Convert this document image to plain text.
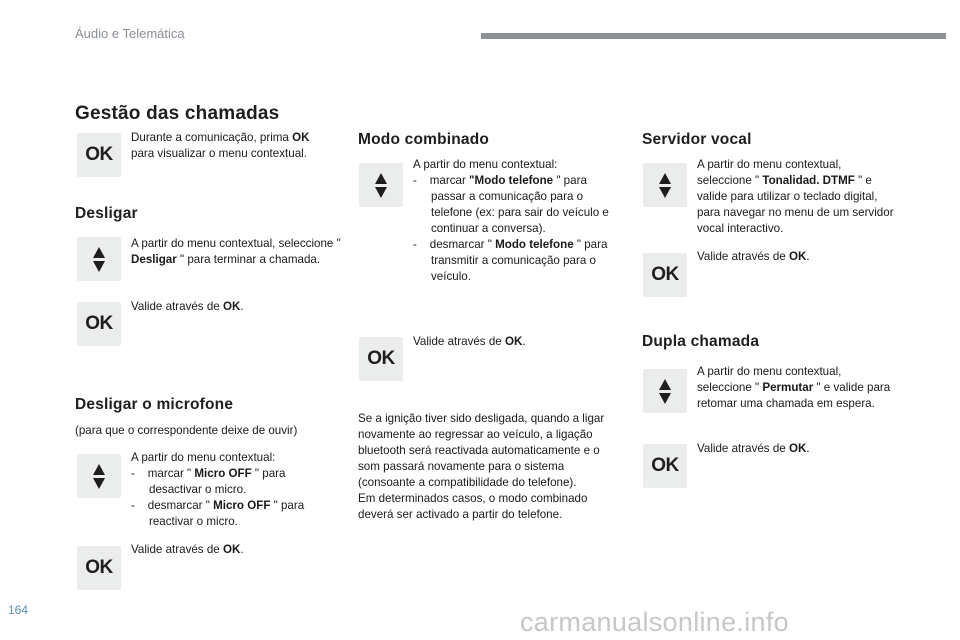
Áudio e Telemática
Gestão das chamadas
OK
Durante a comunicação, prima OK para visualizar o menu contextual.
Desligar
A partir do menu contextual, seleccione " Desligar " para terminar a chamada.
OK
Valide através de OK.
Desligar o microfone
(para que o correspondente deixe de ouvir)
A partir do menu contextual:
-    marcar " Micro OFF " para desactivar o micro.
-    desmarcar " Micro OFF " para reactivar o micro.
OK
Valide através de OK.
Modo combinado
A partir do menu contextual:
-    marcar "Modo telefone " para passar a comunicação para o telefone (ex: para sair do veículo e continuar a conversa).
-    desmarcar " Modo telefone " para transmitir a comunicação para o veículo.
OK
Valide através de OK.
Se a ignição tiver sido desligada, quando a ligar novamente ao regressar ao veículo, a ligação bluetooth será reactivada automaticamente e o som passará novamente para o sistema (consoante a compatibilidade do telefone).
Em determinados casos, o modo combinado deverá ser activado a partir do telefone.
Servidor vocal
A partir do menu contextual, seleccione " Tonalidad. DTMF " e valide para utilizar o teclado digital, para navegar no menu de um servidor vocal interactivo.
OK
Valide através de OK.
Dupla chamada
A partir do menu contextual, seleccione " Permutar " e valide para retomar uma chamada em espera.
OK
Valide através de OK.
164	carmanualsonline.info
